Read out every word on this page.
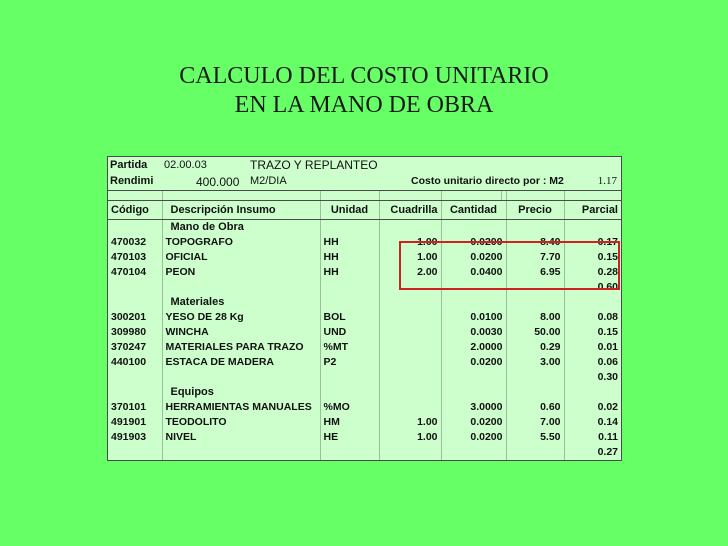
CALCULO DEL COSTO UNITARIO
EN LA MANO DE OBRA
Partida 02.00.03	TRAZO Y REPLANTEO
Rendimi	400.000 M2/DIA	Costo unitario directo por : M2	1.17
Código	Descripción Insumo	Unidad	Cuadrilla	Cantidad	Precio	Parcial
	Mano de Obra					
470032	TOPOGRAFO	HH	1.00	0.0200	8.40	0.17
470103	OFICIAL	HH	1.00	0.0200	7.70	0.15
470104	PEON	HH	2.00	0.0400	6.95	0.28
						0.60
	Materiales					
300201	YESO DE 28 Kg	BOL		0.0100	8.00	0.08
309980	WINCHA	UND		0.0030	50.00	0.15
370247	MATERIALES PARA TRAZO	%MT		2.0000	0.29	0.01
440100	ESTACA DE MADERA	P2		0.0200	3.00	0.06
						0.30
	Equipos					
370101	HERRAMIENTAS MANUALES	%MO		3.0000	0.60	0.02
491901	TEODOLITO	HM	1.00	0.0200	7.00	0.14
491903	NIVEL	HE	1.00	0.0200	5.50	0.11
						0.27
